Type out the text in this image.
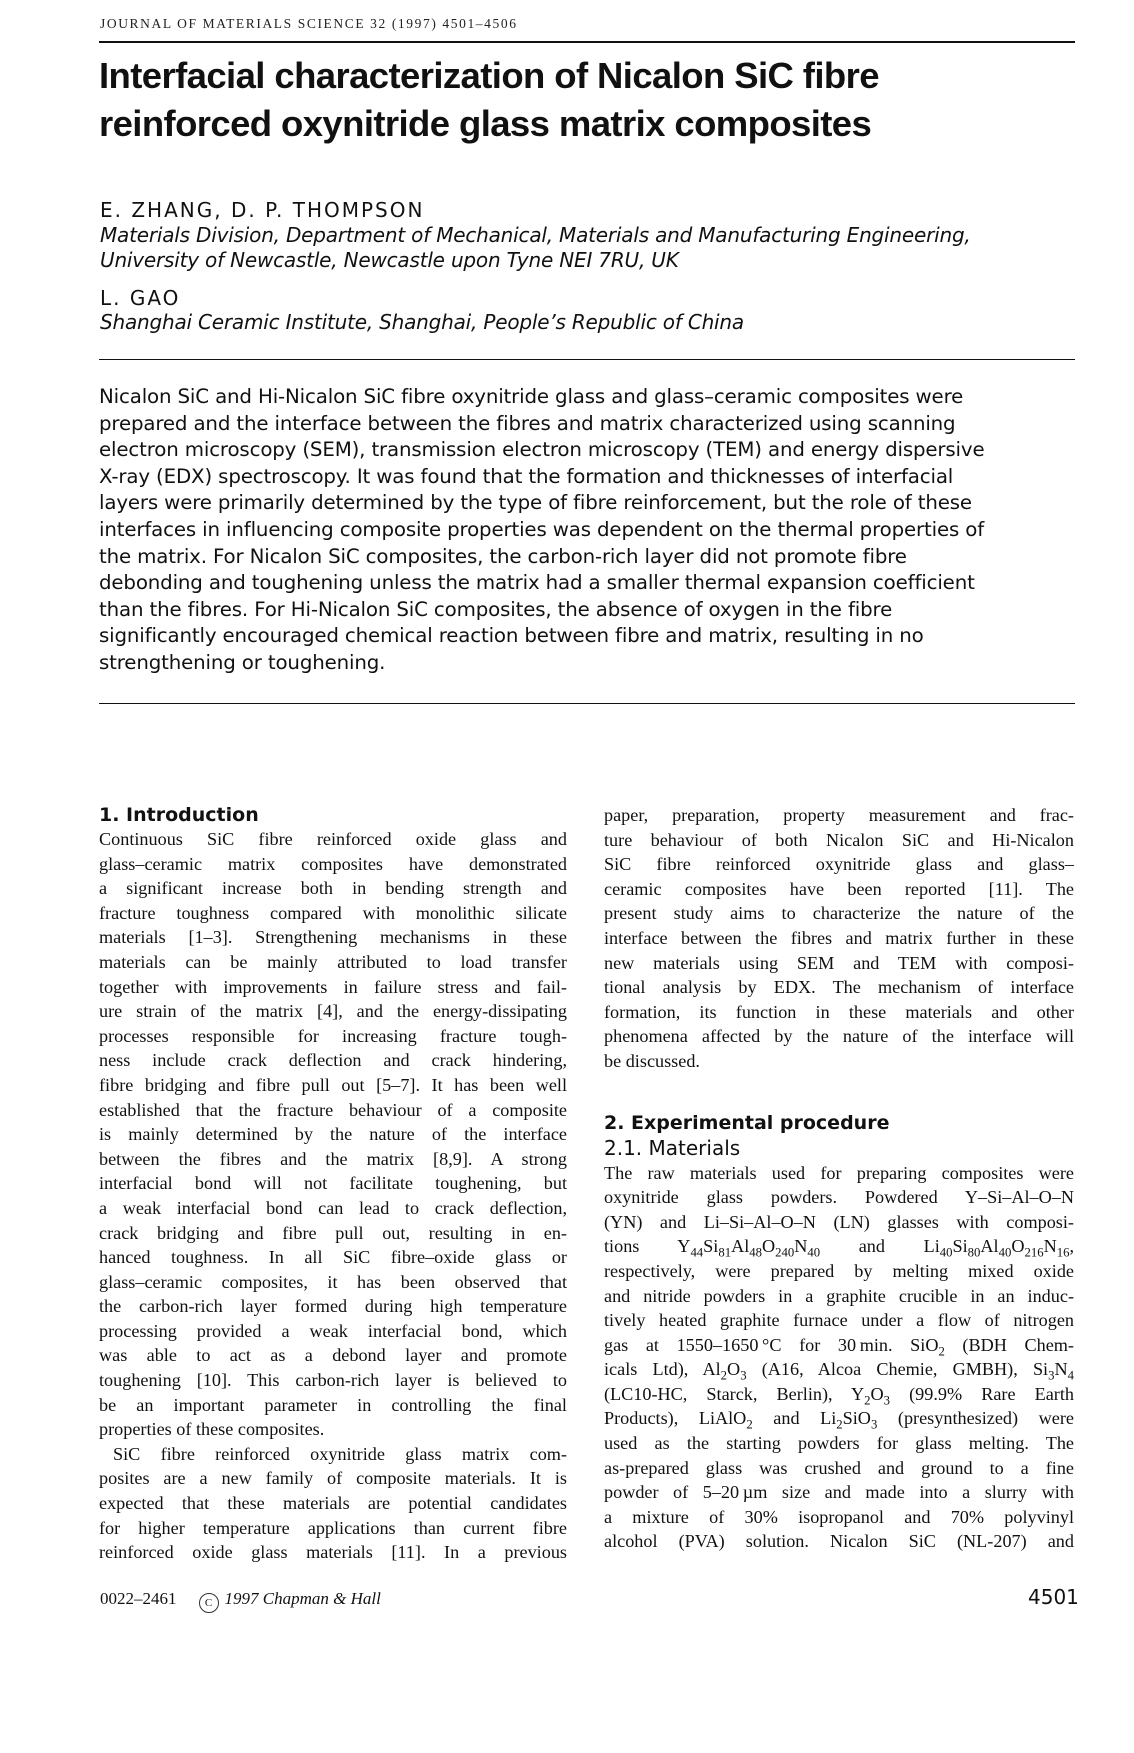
JOURNAL OF MATERIALS SCIENCE 32 (1997) 4501–4506
Interfacial characterization of Nicalon SiC fibre
reinforced oxynitride glass matrix composites
E. ZHANG, D. P. THOMPSON
Materials Division, Department of Mechanical, Materials and Manufacturing Engineering,
University of Newcastle, Newcastle upon Tyne NEI 7RU, UK
L. GAO
Shanghai Ceramic Institute, Shanghai, People’s Republic of China
Nicalon SiC and Hi-Nicalon SiC fibre oxynitride glass and glass–ceramic composites were
prepared and the interface between the fibres and matrix characterized using scanning
electron microscopy (SEM), transmission electron microscopy (TEM) and energy dispersive
X-ray (EDX) spectroscopy. It was found that the formation and thicknesses of interfacial
layers were primarily determined by the type of fibre reinforcement, but the role of these
interfaces in influencing composite properties was dependent on the thermal properties of
the matrix. For Nicalon SiC composites, the carbon-rich layer did not promote fibre
debonding and toughening unless the matrix had a smaller thermal expansion coefficient
than the fibres. For Hi-Nicalon SiC composites, the absence of oxygen in the fibre
significantly encouraged chemical reaction between fibre and matrix, resulting in no
strengthening or toughening.
1. Introduction
Continuous SiC fibre reinforced oxide glass and
glass–ceramic matrix composites have demonstrated
a significant increase both in bending strength and
fracture toughness compared with monolithic silicate
materials [1–3]. Strengthening mechanisms in these
materials can be mainly attributed to load transfer
together with improvements in failure stress and fail-
ure strain of the matrix [4], and the energy-dissipating
processes responsible for increasing fracture tough-
ness include crack deflection and crack hindering,
fibre bridging and fibre pull out [5–7]. It has been well
established that the fracture behaviour of a composite
is mainly determined by the nature of the interface
between the fibres and the matrix [8,9]. A strong
interfacial bond will not facilitate toughening, but
a weak interfacial bond can lead to crack deflection,
crack bridging and fibre pull out, resulting in en-
hanced toughness. In all SiC fibre–oxide glass or
glass–ceramic composites, it has been observed that
the carbon-rich layer formed during high temperature
processing provided a weak interfacial bond, which
was able to act as a debond layer and promote
toughening [10]. This carbon-rich layer is believed to
be an important parameter in controlling the final
properties of these composites.
SiC fibre reinforced oxynitride glass matrix com-
posites are a new family of composite materials. It is
expected that these materials are potential candidates
for higher temperature applications than current fibre
reinforced oxide glass materials [11]. In a previous
paper, preparation, property measurement and frac-
ture behaviour of both Nicalon SiC and Hi-Nicalon
SiC fibre reinforced oxynitride glass and glass–
ceramic composites have been reported [11]. The
present study aims to characterize the nature of the
interface between the fibres and matrix further in these
new materials using SEM and TEM with composi-
tional analysis by EDX. The mechanism of interface
formation, its function in these materials and other
phenomena affected by the nature of the interface will
be discussed.
2. Experimental procedure
2.1. Materials
The raw materials used for preparing composites were
oxynitride glass powders. Powdered Y–Si–Al–O–N
(YN) and Li–Si–Al–O–N (LN) glasses with composi-
tions $Y_{44}Si_{81}Al_{48}O_{240}N_{40}$ and $Li_{40}Si_{80}Al_{40}O_{216}N_{16}$,
respectively, were prepared by melting mixed oxide
and nitride powders in a graphite crucible in an induc-
tively heated graphite furnace under a flow of nitrogen
gas at 1550–1650 °C for 30 min. SiO$_2$ (BDH Chem-
icals Ltd), $Al_2O_3$ (A16, Alcoa Chemie, GMBH), $Si_3N_4$
(LC10-HC, Starck, Berlin), $Y_2O_3$ (99.9% Rare Earth
Products), LiAlO$_2$ and $Li_2SiO_3$ (presynthesized) were
used as the starting powders for glass melting. The
as-prepared glass was crushed and ground to a fine
powder of 5–20 µm size and made into a slurry with
a mixture of 30% isopropanol and 70% polyvinyl
alcohol (PVA) solution. Nicalon SiC (NL-207) and
0022–2461	C 1997 Chapman & Hall	4501
